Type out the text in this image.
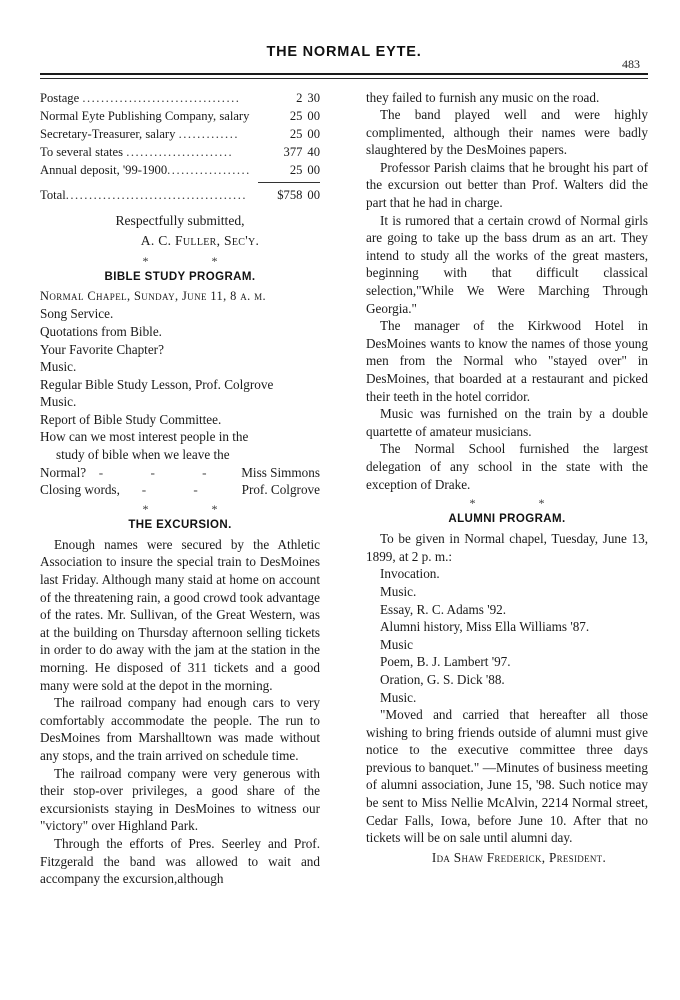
THE NORMAL EYTE.
483
Postage ..................................	2 30
Normal Eyte Publishing Company, salary	25 00
Secretary-Treasurer, salary .............	25 00
To several states .......................	377 40
Annual deposit, '99-1900..................	25 00
Total.......................................	$758 00
Respectfully submitted,
A. C. Fuller, Sec'y.
* *
BIBLE STUDY PROGRAM.
Normal Chapel, Sunday, June 11, 8 a. m.
Song Service.
Quotations from Bible.
Your Favorite Chapter?
Music.
Regular Bible Study Lesson, Prof. Colgrove
Music.
Report of Bible Study Committee.
How can we most interest people in the
study of bible when we leave the
Normal? - - - Miss Simmons
Closing words,	- -	Prof. Colgrove
* *
THE EXCURSION.

Enough names were secured by the Athletic Association to insure the special train to DesMoines last Friday. Although many staid at home on account of the threatening rain, a good crowd took advantage of the rates. Mr. Sullivan, of the Great Western, was at the building on Thursday afternoon selling tickets in order to do away with the jam at the station in the morning. He disposed of 311 tickets and a good many were sold at the depot in the morning.

The railroad company had enough cars to very comfortably accommodate the people. The run to DesMoines from Marshalltown was made without any stops, and the train arrived on schedule time.

The railroad company were very generous with their stop-over privileges, a good share of the excursionists staying in DesMoines to witness our "victory" over Highland Park.

Through the efforts of Pres. Seerley and Prof. Fitzgerald the band was allowed to wait and accompany the excursion,although

they failed to furnish any music on the road.

The band played well and were highly complimented, although their names were badly slaughtered by the DesMoines papers.

Professor Parish claims that he brought his part of the excursion out better than Prof. Walters did the part that he had in charge.

It is rumored that a certain crowd of Normal girls are going to take up the bass drum as an art. They intend to study all the works of the great masters, beginning with that difficult classical selection,"While We Were Marching Through Georgia."

The manager of the Kirkwood Hotel in DesMoines wants to know the names of those young men from the Normal who "stayed over" in DesMoines, that boarded at a restaurant and picked their teeth in the hotel corridor.

Music was furnished on the train by a double quartette of amateur musicians.

The Normal School furnished the largest delegation of any school in the state with the exception of Drake.

* *
ALUMNI PROGRAM.

To be given in Normal chapel, Tuesday, June 13, 1899, at 2 p. m.:

Invocation.
Music.
Essay, R. C. Adams '92.
Alumni history, Miss Ella Williams '87.
Music
Poem, B. J. Lambert '97.
Oration, G. S. Dick '88.
Music.

"Moved and carried that hereafter all those wishing to bring friends outside of alumni must give notice to the executive committee three days previous to banquet." —Minutes of business meeting of alumni association, June 15, '98. Such notice may be sent to Miss Nellie McAlvin, 2214 Normal street, Cedar Falls, Iowa, before June 10. After that no tickets will be on sale until alumni day.

Ida Shaw Frederick, President.
